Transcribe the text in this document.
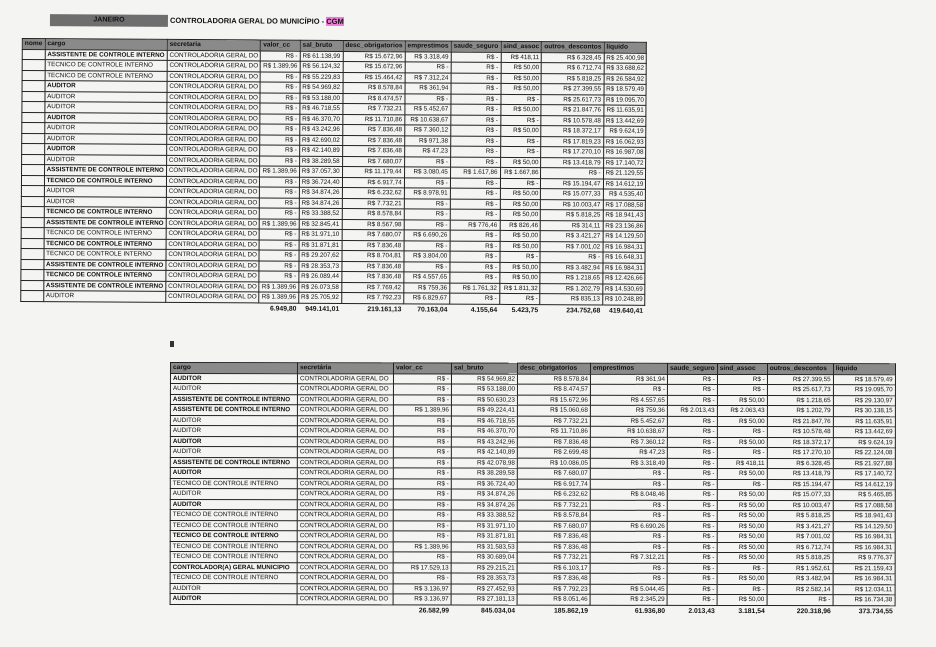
JANEIRO	CONTROLADORIA GERAL DO MUNICÍPIO - CGM
nome	cargo	secretaria	valor_cc	sal_bruto	desc_obrigatorios	emprestimos	saude_seguro	sind_assoc	outros_descontos	liquido
	ASSISTENTE DE CONTROLE INTERNO	CONTROLADORIA GERAL DO	R$ -	R$ 61.138,99	R$ 15.672,96	R$ 3.318,49	R$ -	R$ 418,11	R$ 6.328,45	R$ 25.400,98
	TECNICO DE CONTROLE INTERNO	CONTROLADORIA GERAL DO	R$ 1.389,96	R$ 56.124,32	R$ 15.672,96	R$ -	R$ -	R$ 50,00	R$ 6.712,74	R$ 33.688,62
	TECNICO DE CONTROLE INTERNO	CONTROLADORIA GERAL DO	R$ -	R$ 55.229,83	R$ 15.464,42	R$ 7.312,24	R$ -	R$ 50,00	R$ 5.818,25	R$ 26.584,92
	AUDITOR	CONTROLADORIA GERAL DO	R$ -	R$ 54.969,82	R$ 8.578,84	R$ 361,94	R$ -	R$ 50,00	R$ 27.399,55	R$ 18.579,49
	AUDITOR	CONTROLADORIA GERAL DO	R$ -	R$ 53.188,00	R$ 8.474,57	R$ -	R$ -	R$ -	R$ 25.617,73	R$ 19.095,70
	AUDITOR	CONTROLADORIA GERAL DO	R$ -	R$ 46.718,55	R$ 7.732,21	R$ 5.452,67	R$ -	R$ 50,00	R$ 21.847,76	R$ 11.635,91
	AUDITOR	CONTROLADORIA GERAL DO	R$ -	R$ 46.370,70	R$ 11.710,86	R$ 10.638,67	R$ -	R$ -	R$ 10.578,48	R$ 13.442,69
	AUDITOR	CONTROLADORIA GERAL DO	R$ -	R$ 43.242,96	R$ 7.836,48	R$ 7.360,12	R$ -	R$ 50,00	R$ 18.372,17	R$ 9.624,19
	AUDITOR	CONTROLADORIA GERAL DO	R$ -	R$ 42.690,02	R$ 7.836,48	R$ 971,38	R$ -	R$ -	R$ 17.819,23	R$ 16.062,93
	AUDITOR	CONTROLADORIA GERAL DO	R$ -	R$ 42.140,89	R$ 7.836,48	R$ 47,23	R$ -	R$ -	R$ 17.270,10	R$ 16.987,08
	AUDITOR	CONTROLADORIA GERAL DO	R$ -	R$ 38.289,58	R$ 7.680,07	R$ -	R$ -	R$ 50,00	R$ 13.418,79	R$ 17.140,72
	ASSISTENTE DE CONTROLE INTERNO	CONTROLADORIA GERAL DO	R$ 1.389,96	R$ 37.057,30	R$ 11.179,44	R$ 3.080,45	R$ 1.617,86	R$ 1.667,86	R$ -	R$ 21.129,55
	TECNICO DE CONTROLE INTERNO	CONTROLADORIA GERAL DO	R$ -	R$ 36.724,40	R$ 6.917,74	R$ -	R$ -	R$ -	R$ 15.194,47	R$ 14.612,19
	AUDITOR	CONTROLADORIA GERAL DO	R$ -	R$ 34.874,26	R$ 6.232,62	R$ 8.978,91	R$ -	R$ 50,00	R$ 15.077,33	R$ 4.535,40
	AUDITOR	CONTROLADORIA GERAL DO	R$ -	R$ 34.874,26	R$ 7.732,21	R$ -	R$ -	R$ 50,00	R$ 10.003,47	R$ 17.088,58
	TECNICO DE CONTROLE INTERNO	CONTROLADORIA GERAL DO	R$ -	R$ 33.388,52	R$ 8.578,84	R$ -	R$ -	R$ 50,00	R$ 5.818,25	R$ 18.941,43
	ASSISTENTE DE CONTROLE INTERNO	CONTROLADORIA GERAL DO	R$ 1.389,96	R$ 32.845,41	R$ 8.567,98	R$ -	R$ 776,46	R$ 826,46	R$ 314,11	R$ 23.136,86
	TECNICO DE CONTROLE INTERNO	CONTROLADORIA GERAL DO	R$ -	R$ 31.971,10	R$ 7.680,07	R$ 6.690,26	R$ -	R$ 50,00	R$ 3.421,27	R$ 14.129,50
	TECNICO DE CONTROLE INTERNO	CONTROLADORIA GERAL DO	R$ -	R$ 31.871,81	R$ 7.836,48	R$ -	R$ -	R$ 50,00	R$ 7.001,02	R$ 16.984,31
	TECNICO DE CONTROLE INTERNO	CONTROLADORIA GERAL DO	R$ -	R$ 29.207,62	R$ 8.704,81	R$ 3.804,00	R$ -	R$ -	R$ -	R$ 16.648,31
	ASSISTENTE DE CONTROLE INTERNO	CONTROLADORIA GERAL DO	R$ -	R$ 28.353,73	R$ 7.836,48	R$ -	R$ -	R$ 50,00	R$ 3.482,94	R$ 16.984,31
	TECNICO DE CONTROLE INTERNO	CONTROLADORIA GERAL DO	R$ -	R$ 26.089,44	R$ 7.836,48	R$ 4.557,65	R$ -	R$ 50,00	R$ 1.218,65	R$ 12.426,66
	ASSISTENTE DE CONTROLE INTERNO	CONTROLADORIA GERAL DO	R$ 1.389,96	R$ 26.073,58	R$ 7.769,42	R$ 759,36	R$ 1.761,32	R$ 1.811,32	R$ 1.202,79	R$ 14.530,69
	AUDITOR	CONTROLADORIA GERAL DO	R$ 1.389,96	R$ 25.705,92	R$ 7.792,23	R$ 6.829,67	R$ -	R$ -	R$ 835,13	R$ 10.248,89
			6.949,80	949.141,01	219.161,13	70.163,04	4.155,64	5.423,75	234.752,68	419.640,41
cargo	secretária	valor_cc	sal_bruto	desc_obrigatorios	emprestimos	saude_seguro	sind_assoc	outros_descontos	liquido
AUDITOR	CONTROLADORIA GERAL DO	R$ -	R$ 54.969,82	R$ 8.578,84	R$ 361,94	R$ -	R$ -	R$ 27.399,55	R$ 18.579,49
AUDITOR	CONTROLADORIA GERAL DO	R$ -	R$ 53.188,00	R$ 8.474,57	R$ -	R$ -	R$ -	R$ 25.617,73	R$ 19.095,70
ASSISTENTE DE CONTROLE INTERNO	CONTROLADORIA GERAL DO	R$ -	R$ 50.630,23	R$ 15.672,96	R$ 4.557,65	R$ -	R$ 50,00	R$ 1.218,65	R$ 29.130,97
ASSISTENTE DE CONTROLE INTERNO	CONTROLADORIA GERAL DO	R$ 1.389,96	R$ 49.224,41	R$ 15.060,68	R$ 759,36	R$ 2.013,43	R$ 2.063,43	R$ 1.202,79	R$ 30.138,15
AUDITOR	CONTROLADORIA GERAL DO	R$ -	R$ 46.718,55	R$ 7.732,21	R$ 5.452,67	R$ -	R$ 50,00	R$ 21.847,76	R$ 11.635,91
AUDITOR	CONTROLADORIA GERAL DO	R$ -	R$ 46.370,70	R$ 11.710,86	R$ 10.638,67	R$ -	R$ -	R$ 10.578,48	R$ 13.442,69
AUDITOR	CONTROLADORIA GERAL DO	R$ -	R$ 43.242,96	R$ 7.836,48	R$ 7.360,12	R$ -	R$ 50,00	R$ 18.372,17	R$ 9.624,19
AUDITOR	CONTROLADORIA GERAL DO	R$ -	R$ 42.140,89	R$ 2.699,48	R$ 47,23	R$ -	R$ -	R$ 17.270,10	R$ 22.124,08
ASSISTENTE DE CONTROLE INTERNO	CONTROLADORIA GERAL DO	R$ -	R$ 42.078,98	R$ 10.086,05	R$ 3.318,49	R$ -	R$ 418,11	R$ 6.328,45	R$ 21.927,88
AUDITOR	CONTROLADORIA GERAL DO	R$ -	R$ 38.289,58	R$ 7.680,07	R$ -	R$ -	R$ 50,00	R$ 13.418,79	R$ 17.140,72
TECNICO DE CONTROLE INTERNO	CONTROLADORIA GERAL DO	R$ -	R$ 36.724,40	R$ 6.917,74	R$ -	R$ -	R$ -	R$ 15.194,47	R$ 14.612,19
AUDITOR	CONTROLADORIA GERAL DO	R$ -	R$ 34.874,26	R$ 6.232,62	R$ 8.048,46	R$ -	R$ 50,00	R$ 15.077,33	R$ 5.465,85
AUDITOR	CONTROLADORIA GERAL DO	R$ -	R$ 34.874,26	R$ 7.732,21	R$ -	R$ -	R$ 50,00	R$ 10.003,47	R$ 17.088,58
TECNICO DE CONTROLE INTERNO	CONTROLADORIA GERAL DO	R$ -	R$ 33.388,52	R$ 8.578,84	R$ -	R$ -	R$ 50,00	R$ 5.818,25	R$ 18.941,43
TECNICO DE CONTROLE INTERNO	CONTROLADORIA GERAL DO	R$ -	R$ 31.971,10	R$ 7.680,07	R$ 6.690,26	R$ -	R$ 50,00	R$ 3.421,27	R$ 14.129,50
TECNICO DE CONTROLE INTERNO	CONTROLADORIA GERAL DO	R$ -	R$ 31.871,81	R$ 7.836,48	R$ -	R$ -	R$ 50,00	R$ 7.001,02	R$ 16.984,31
TECNICO DE CONTROLE INTERNO	CONTROLADORIA GERAL DO	R$ 1.389,96	R$ 31.583,53	R$ 7.836,48	R$ -	R$ -	R$ 50,00	R$ 6.712,74	R$ 16.984,31
TECNICO DE CONTROLE INTERNO	CONTROLADORIA GERAL DO	R$ -	R$ 30.689,04	R$ 7.732,21	R$ 7.312,21	R$ -	R$ 50,00	R$ 5.818,25	R$ 9.776,37
CONTROLADOR(A) GERAL MUNICIPIO	CONTROLADORIA GERAL DO	R$ 17.529,13	R$ 29.215,21	R$ 6.103,17	R$ -	R$ -	R$ -	R$ 1.952,61	R$ 21.159,43
TECNICO DE CONTROLE INTERNO	CONTROLADORIA GERAL DO	R$ -	R$ 28.353,73	R$ 7.836,48	R$ -	R$ -	R$ 50,00	R$ 3.482,94	R$ 16.984,31
AUDITOR	CONTROLADORIA GERAL DO	R$ 3.136,97	R$ 27.452,93	R$ 7.792,23	R$ 5.044,45	R$ -	R$ -	R$ 2.582,14	R$ 12.034,11
AUDITOR	CONTROLADORIA GERAL DO	R$ 3.136,97	R$ 27.181,13	R$ 8.051,46	R$ 2.345,29	R$ -	R$ 50,00	R$ -	R$ 16.734,38
		26.582,99	845.034,04	185.862,19	61.936,80	2.013,43	3.181,54	220.318,96	373.734,55
